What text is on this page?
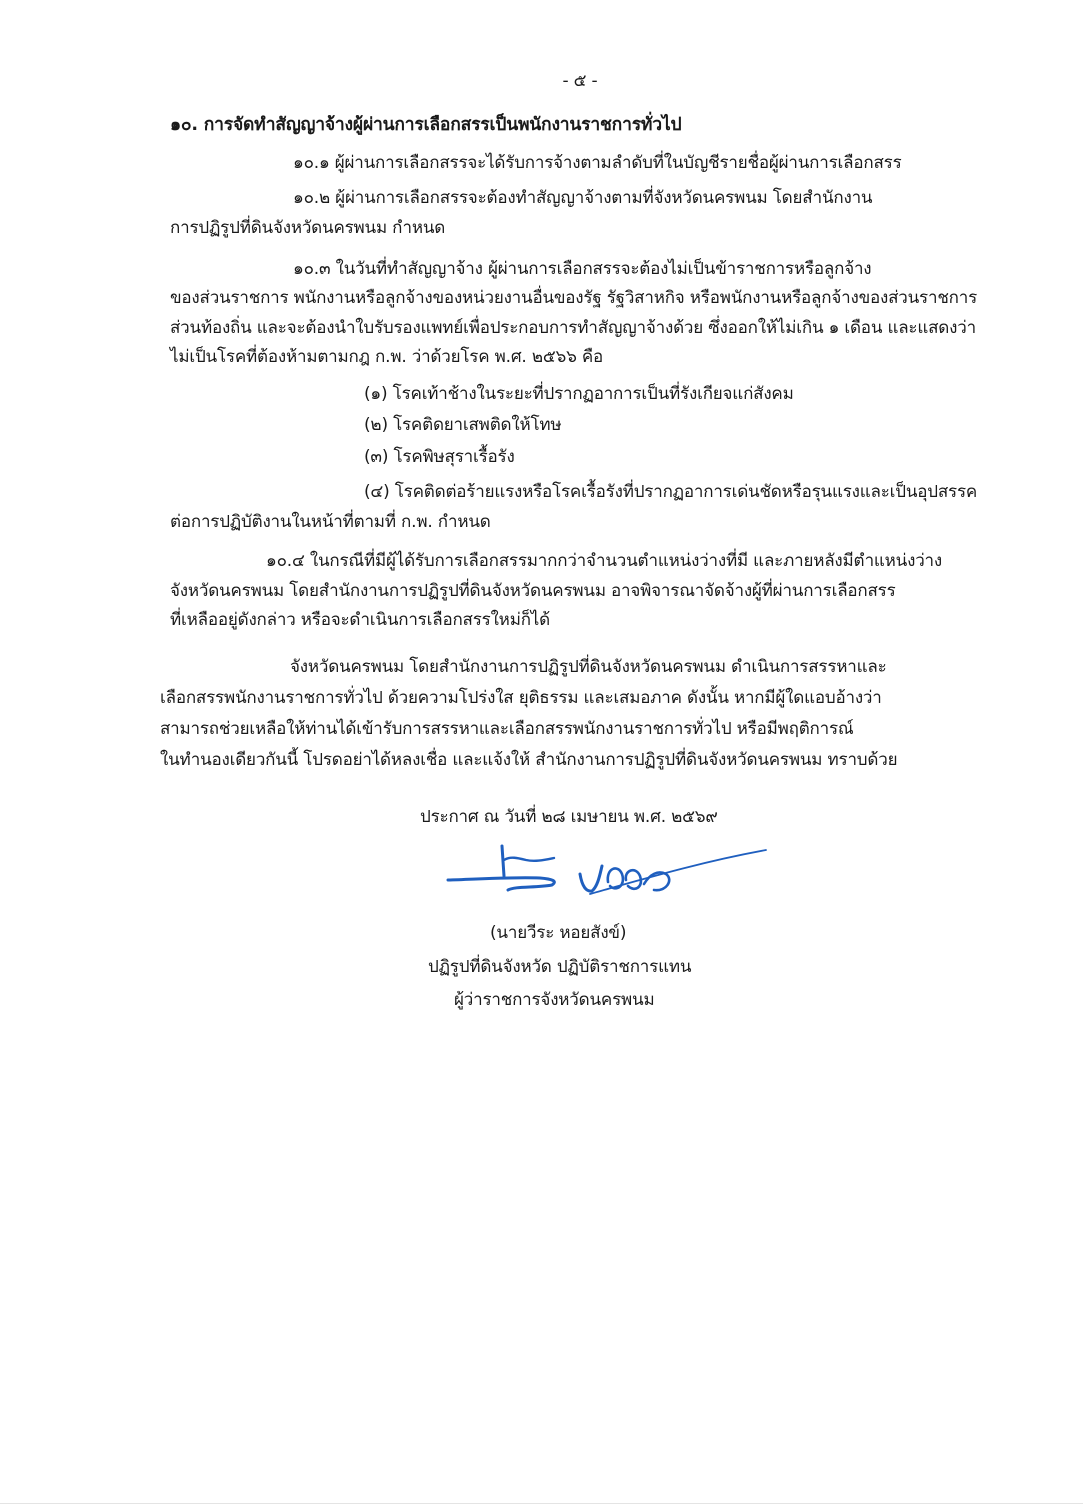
- ๕ -
๑๐. การจัดทำสัญญาจ้างผู้ผ่านการเลือกสรรเป็นพนักงานราชการทั่วไป
๑๐.๑ ผู้ผ่านการเลือกสรรจะได้รับการจ้างตามลำดับที่ในบัญชีรายชื่อผู้ผ่านการเลือกสรร
๑๐.๒ ผู้ผ่านการเลือกสรรจะต้องทำสัญญาจ้างตามที่จังหวัดนครพนม โดยสำนักงาน
การปฏิรูปที่ดินจังหวัดนครพนม กำหนด
๑๐.๓ ในวันที่ทำสัญญาจ้าง ผู้ผ่านการเลือกสรรจะต้องไม่เป็นข้าราชการหรือลูกจ้าง
ของส่วนราชการ พนักงานหรือลูกจ้างของหน่วยงานอื่นของรัฐ รัฐวิสาหกิจ หรือพนักงานหรือลูกจ้างของส่วนราชการ
ส่วนท้องถิ่น และจะต้องนำใบรับรองแพทย์เพื่อประกอบการทำสัญญาจ้างด้วย ซึ่งออกให้ไม่เกิน ๑ เดือน และแสดงว่า
ไม่เป็นโรคที่ต้องห้ามตามกฎ ก.พ. ว่าด้วยโรค พ.ศ. ๒๕๖๖ คือ
(๑) โรคเท้าช้างในระยะที่ปรากฏอาการเป็นที่รังเกียจแก่สังคม
(๒) โรคติดยาเสพติดให้โทษ
(๓) โรคพิษสุราเรื้อรัง
(๔) โรคติดต่อร้ายแรงหรือโรคเรื้อรังที่ปรากฏอาการเด่นชัดหรือรุนแรงและเป็นอุปสรรค
ต่อการปฏิบัติงานในหน้าที่ตามที่ ก.พ. กำหนด
๑๐.๔ ในกรณีที่มีผู้ได้รับการเลือกสรรมากกว่าจำนวนตำแหน่งว่างที่มี และภายหลังมีตำแหน่งว่าง
จังหวัดนครพนม โดยสำนักงานการปฏิรูปที่ดินจังหวัดนครพนม อาจพิจารณาจัดจ้างผู้ที่ผ่านการเลือกสรร
ที่เหลืออยู่ดังกล่าว หรือจะดำเนินการเลือกสรรใหม่ก็ได้
จังหวัดนครพนม โดยสำนักงานการปฏิรูปที่ดินจังหวัดนครพนม ดำเนินการสรรหาและ
เลือกสรรพนักงานราชการทั่วไป ด้วยความโปร่งใส ยุติธรรม และเสมอภาค ดังนั้น หากมีผู้ใดแอบอ้างว่า
สามารถช่วยเหลือให้ท่านได้เข้ารับการสรรหาและเลือกสรรพนักงานราชการทั่วไป หรือมีพฤติการณ์
ในทำนองเดียวกันนี้ โปรดอย่าได้หลงเชื่อ และแจ้งให้ สำนักงานการปฏิรูปที่ดินจังหวัดนครพนม ทราบด้วย
ประกาศ ณ วันที่ ๒๘ เมษายน พ.ศ. ๒๕๖๙
(นายวีระ หอยสังข์)
ปฏิรูปที่ดินจังหวัด ปฏิบัติราชการแทน
ผู้ว่าราชการจังหวัดนครพนม
